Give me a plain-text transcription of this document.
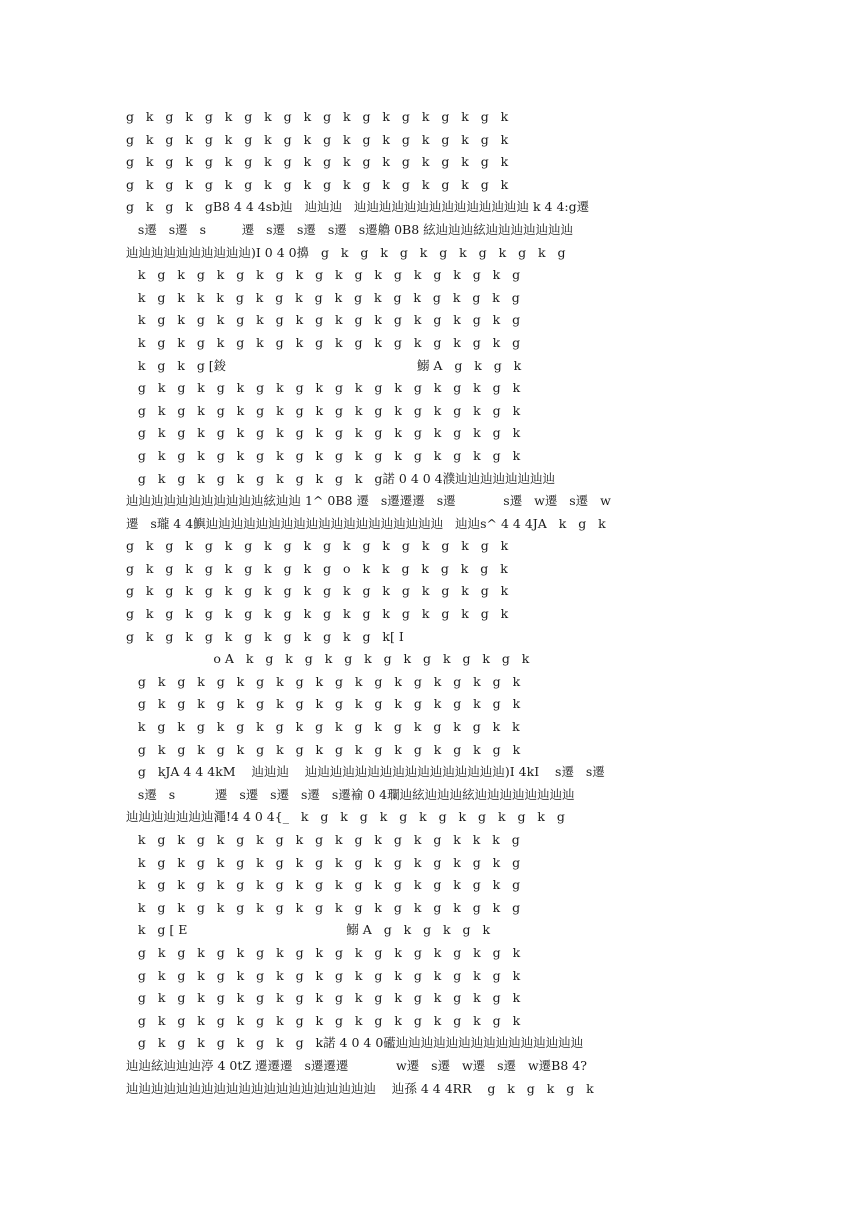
g   k   g   k   g   k   g   k   g   k   g   k   g   k   g   k   g   k   g   k
g   k   g   k   g   k   g   k   g   k   g   k   g   k   g   k   g   k   g   k
g   k   g   k   g   k   g   k   g   k   g   k   g   k   g   k   g   k   g   k
g   k   g   k   g   k   g   k   g   k   g   k   g   k   g   k   g   k   g   k
g   k   g   k   gB8 4 4 4sb辿   辿辿辿   辿辿辿辿辿辿辿辿辿辿辿辿辿辿 k 4 4:g遷
s遷   s遷   s         遷   s遷   s遷   s遷   s遷艪 0B8 絃辿辿辿絃辿辿辿辿辿辿辿
辿辿辿辿辿辿辿辿辿辿)I 0 4 0擤   g   k   g   k   g   k   g   k   g   k   g   k   g
k   g   k   g   k   g   k   g   k   g   k   g   k   g   k   g   k   g   k   g
k   g   k   k   k   g   k   g   k   g   k   g   k   g   k   g   k   g   k   g
k   g   k   g   k   g   k   g   k   g   k   g   k   g   k   g   k   g   k   g
k   g   k   g   k   g   k   g   k   g   k   g   k   g   k   g   k   g   k   g
k   g   k   g [鋑                                                鰯 A   g   k   g   k
g   k   g   k   g   k   g   k   g   k   g   k   g   k   g   k   g   k   g   k
g   k   g   k   g   k   g   k   g   k   g   k   g   k   g   k   g   k   g   k
g   k   g   k   g   k   g   k   g   k   g   k   g   k   g   k   g   k   g   k
g   k   g   k   g   k   g   k   g   k   g   k   g   k   g   k   g   k   g   k
g   k   g   k   g   k   g   k   g   k   g   k   g諾 0 4 0 4濮辿辿辿辿辿辿辿辿
辿辿辿辿辿辿辿辿辿辿辿絃辿辿 1^ 0B8 遷   s遷遷遷   s遷            s遷   w遷   s遷   w
遷   s瓏 4 4鱮辿辿辿辿辿辿辿辿辿辿辿辿辿辿辿辿辿辿辿   辿辿s^ 4 4 4JA   k   g   k
g   k   g   k   g   k   g   k   g   k   g   k   g   k   g   k   g   k   g   k
g   k   g   k   g   k   g   k   g   k   g   o   k   k   g   k   g   k   g   k
g   k   g   k   g   k   g   k   g   k   g   k   g   k   g   k   g   k   g   k
g   k   g   k   g   k   g   k   g   k   g   k   g   k   g   k   g   k   g   k
g   k   g   k   g   k   g   k   g   k   g   k   g   k[ I
o A   k   g   k   g   k   g   k   g   k   g   k   g   k   g   k
g   k   g   k   g   k   g   k   g   k   g   k   g   k   g   k   g   k   g   k
g   k   g   k   g   k   g   k   g   k   g   k   g   k   g   k   g   k   g   k
k   g   k   g   k   g   k   g   k   g   k   g   k   g   k   g   k   g   k   k
g   k   g   k   g   k   g   k   g   k   g   k   g   k   g   k   g   k   g   k
g   kJA 4 4 4kM    辿辿辿    辿辿辿辿辿辿辿辿辿辿辿辿辿辿辿辿)I 4kI    s遷   s遷
s遷   s          遷   s遷   s遷   s遷   s遷褕 0 4瓓辿絃辿辿辿絃辿辿辿辿辿辿辿辿
辿辿辿辿辿辿辿澠!4 4 0 4{_   k   g   k   g   k   g   k   g   k   g   k   g   k   g
k   g   k   g   k   g   k   g   k   g   k   g   k   g   k   g   k   k   k   g
k   g   k   g   k   g   k   g   k   g   k   g   k   g   k   g   k   g   k   g
k   g   k   g   k   g   k   g   k   g   k   g   k   g   k   g   k   g   k   g
k   g   k   g   k   g   k   g   k   g   k   g   k   g   k   g   k   g   k   g
k   g [ E                                        鰯 A   g   k   g   k   g   k
g   k   g   k   g   k   g   k   g   k   g   k   g   k   g   k   g   k   g   k
g   k   g   k   g   k   g   k   g   k   g   k   g   k   g   k   g   k   g   k
g   k   g   k   g   k   g   k   g   k   g   k   g   k   g   k   g   k   g   k
g   k   g   k   g   k   g   k   g   k   g   k   g   k   g   k   g   k   g   k
g   k   g   k   g   k   g   k   g   k諾 4 0 4 0礷辿辿辿辿辿辿辿辿辿辿辿辿辿辿辿
辿辿絃辿辿辿渟 4 0tZ 遷遷遷   s遷遷遷            w遷   s遷   w遷   s遷   w遷B8 4?
辿辿辿辿辿辿辿辿辿辿辿辿辿辿辿辿辿辿辿辿    辿孫 4 4 4RR    g   k   g   k   g   k
